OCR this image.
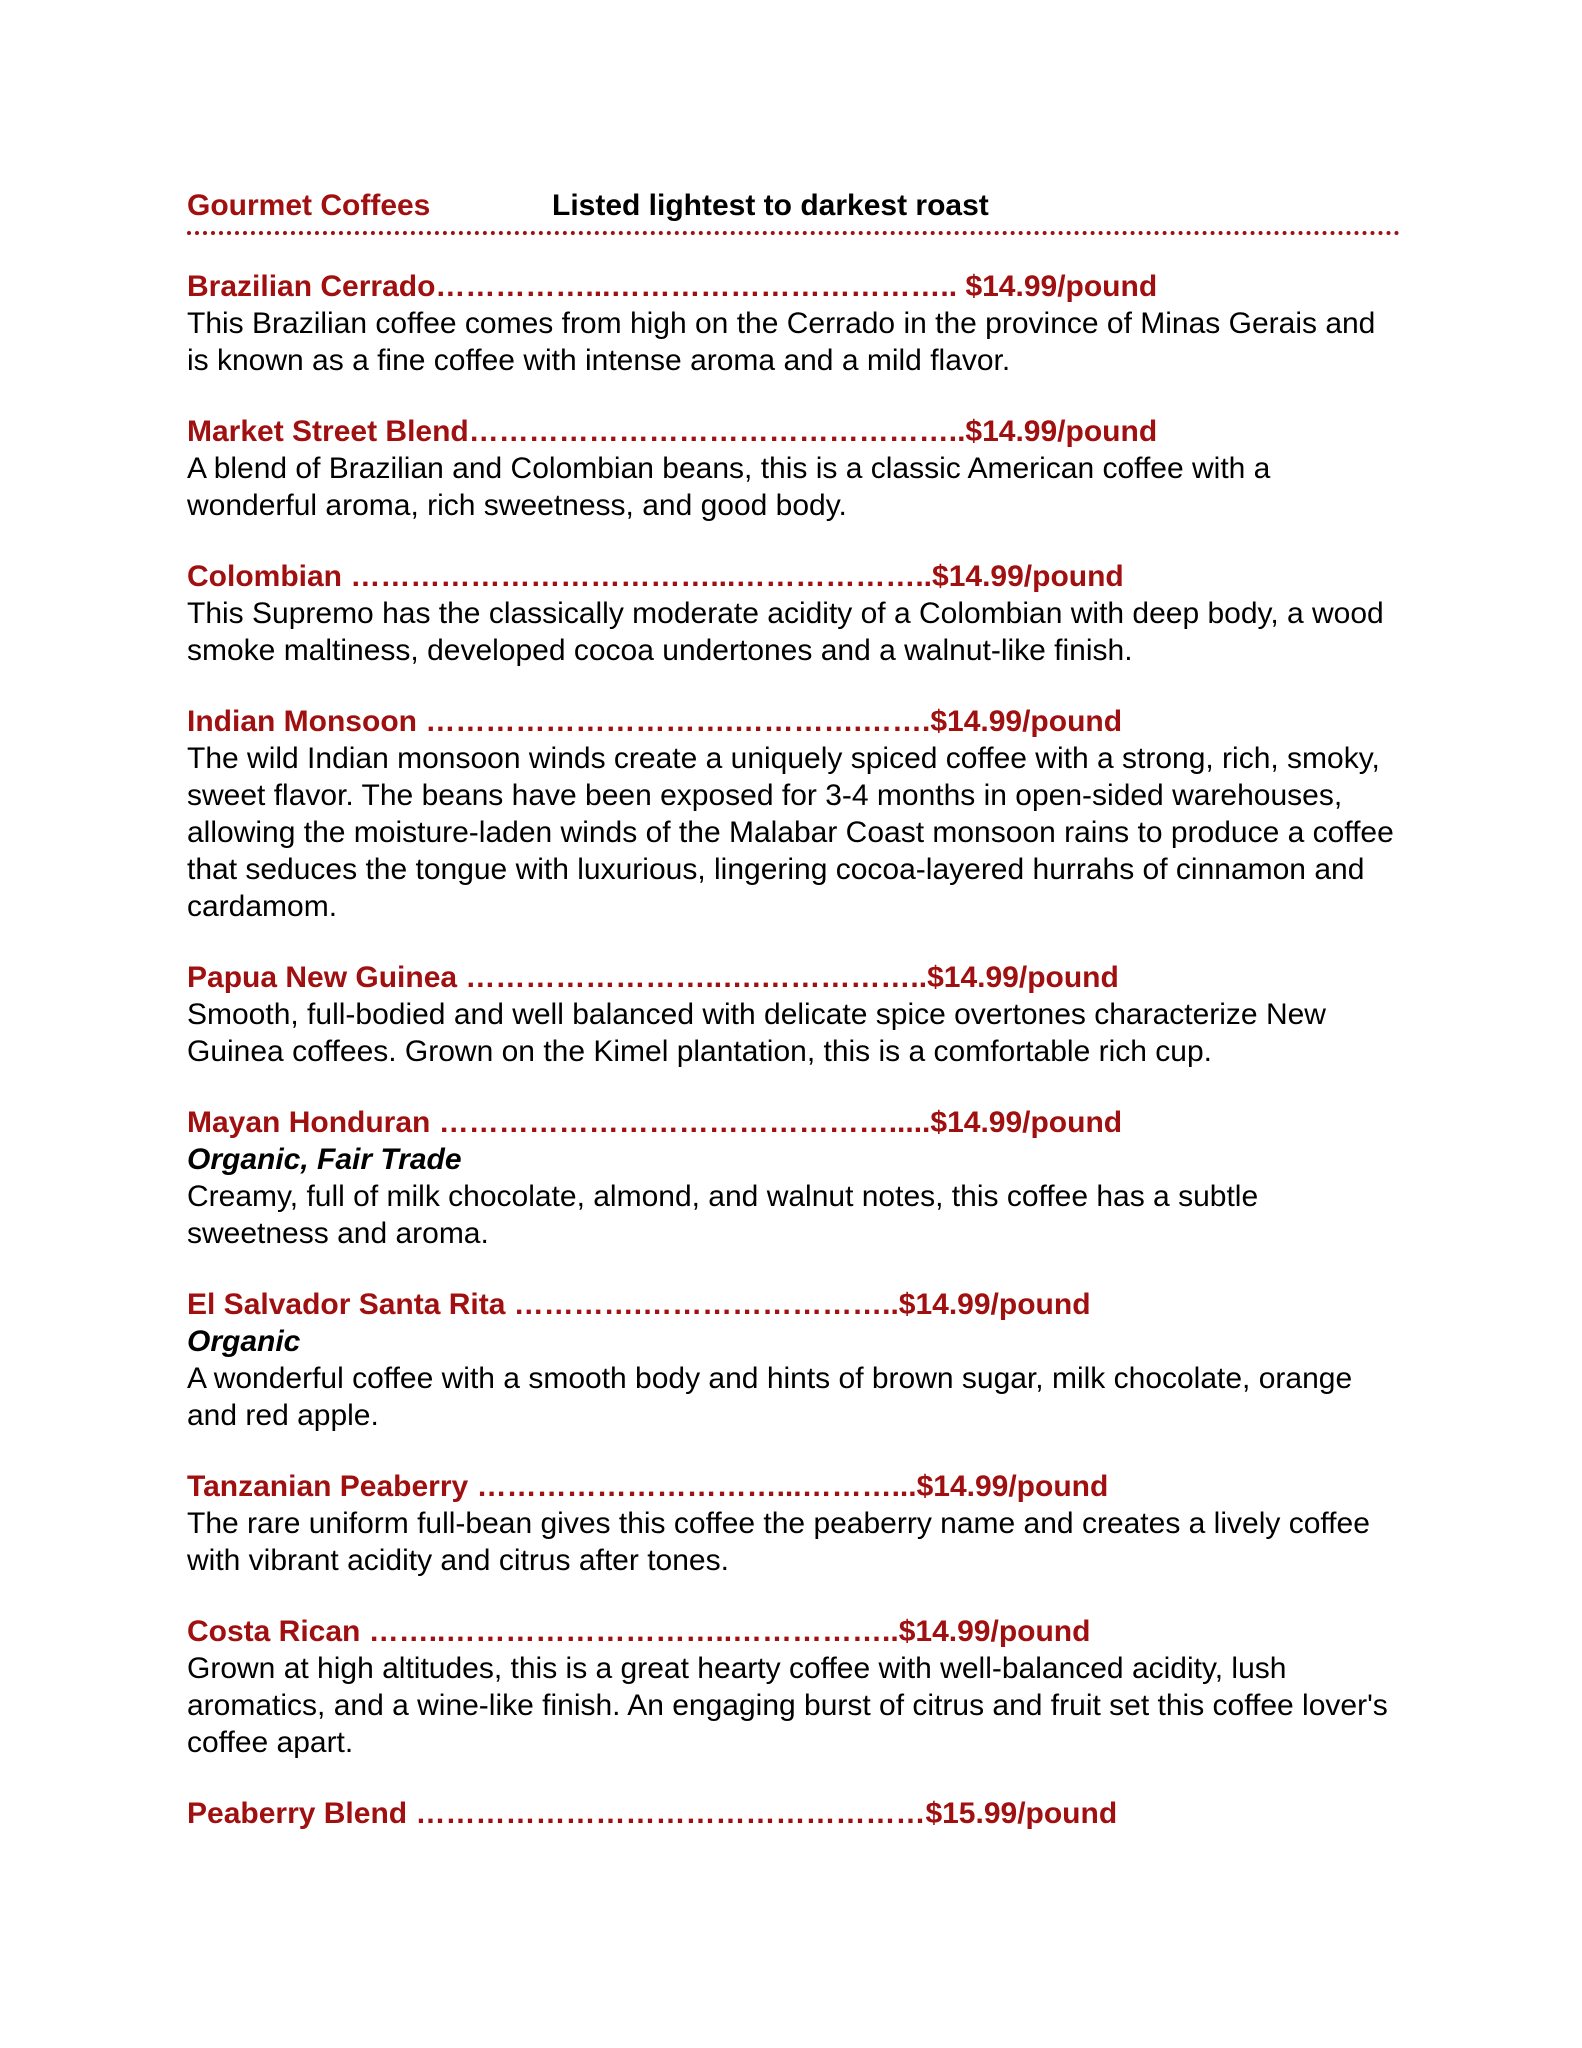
Gourmet Coffees	Listed lightest to darkest roast
Brazilian Cerrado……………...…………………………….. $14.99/pound
This Brazilian coffee comes from high on the Cerrado in the province of Minas Gerais and is known as a fine coffee with intense aroma and a mild flavor.
Market Street Blend…………………………………………..$14.99/pound
A blend of Brazilian and Colombian beans, this is a classic American coffee with a wonderful aroma, rich sweetness, and good body.
Colombian ………………………………...………………..$14.99/pound
This Supremo has the classically moderate acidity of a Colombian with deep body, a wood smoke maltiness, developed cocoa undertones and a walnut-like finish.
Indian Monsoon ………………………….………….…….$14.99/pound
The wild Indian monsoon winds create a uniquely spiced coffee with a strong, rich, smoky, sweet flavor. The beans have been exposed for 3-4 months in open-sided warehouses, allowing the moisture-laden winds of the Malabar Coast monsoon rains to produce a coffee that seduces the tongue with luxurious, lingering cocoa-layered hurrahs of cinnamon and cardamom.
Papua New Guinea ……………………..….……………..$14.99/pound
Smooth, full-bodied and well balanced with delicate spice overtones characterize New Guinea coffees. Grown on the Kimel plantation, this is a comfortable rich cup.
Mayan Honduran ……………………………………….....$14.99/pound
Organic, Fair Trade
Creamy, full of milk chocolate, almond, and walnut notes, this coffee has a subtle sweetness and aroma.
El Salvador Santa Rita ………….……………………..$14.99/pound
Organic
A wonderful coffee with a smooth body and hints of brown sugar, milk chocolate, orange and red apple.
Tanzanian Peaberry …………………………...………...$14.99/pound
The rare uniform full-bean gives this coffee the peaberry name and creates a lively coffee with vibrant acidity and citrus after tones.
Costa Rican ……..………………………..……………..$14.99/pound
Grown at high altitudes, this is a great hearty coffee with well-balanced acidity, lush aromatics, and a wine-like finish. An engaging burst of citrus and fruit set this coffee lover's coffee apart.
Peaberry Blend ……………………………………………$15.99/pound
